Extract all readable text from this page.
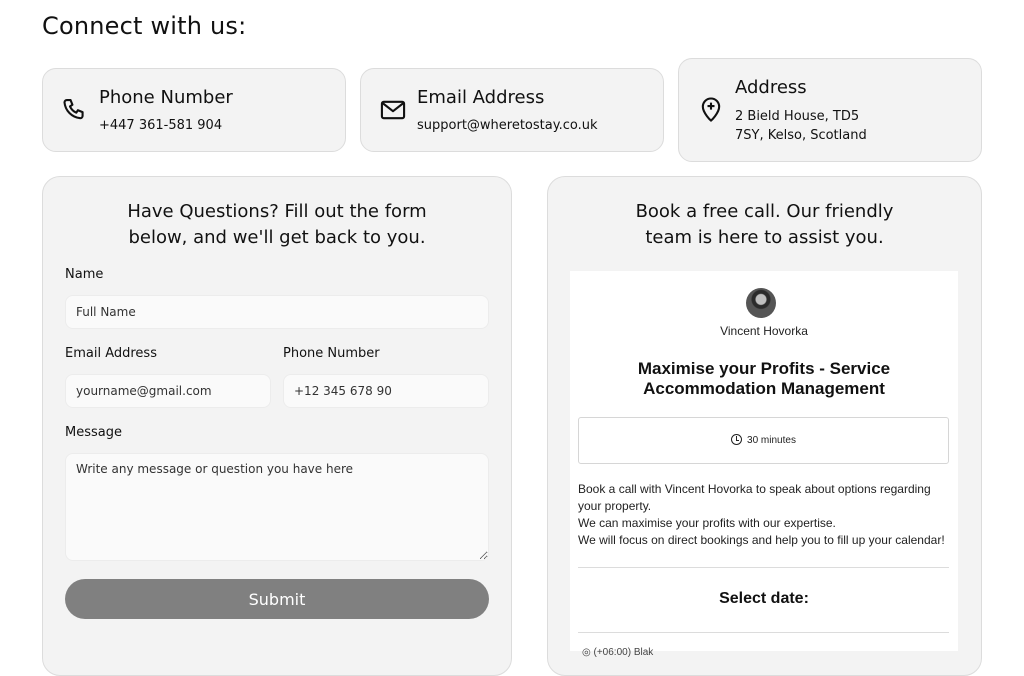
Connect with us:
Phone Number
+447 361-581 904
Email Address
support@wheretostay.co.uk
Address
2 Bield House, TD5
7SY, Kelso, Scotland
Have Questions? Fill out the form below, and we'll get back to you.
Name
Full Name
Email Address
yourname@gmail.com	Phone Number
+12 345 678 90
Message
Write any message or question you have here
Submit
Book a free call. Our friendly team is here to assist you.
Vincent Hovorka
Maximise your Profits - Service Accommodation Management
30 minutes
Book a call with Vincent Hovorka to speak about options regarding your property.
We can maximise your profits with our expertise.
We will focus on direct bookings and help you to fill up your calendar!
Select date:
◎ (+06:00) Blak
